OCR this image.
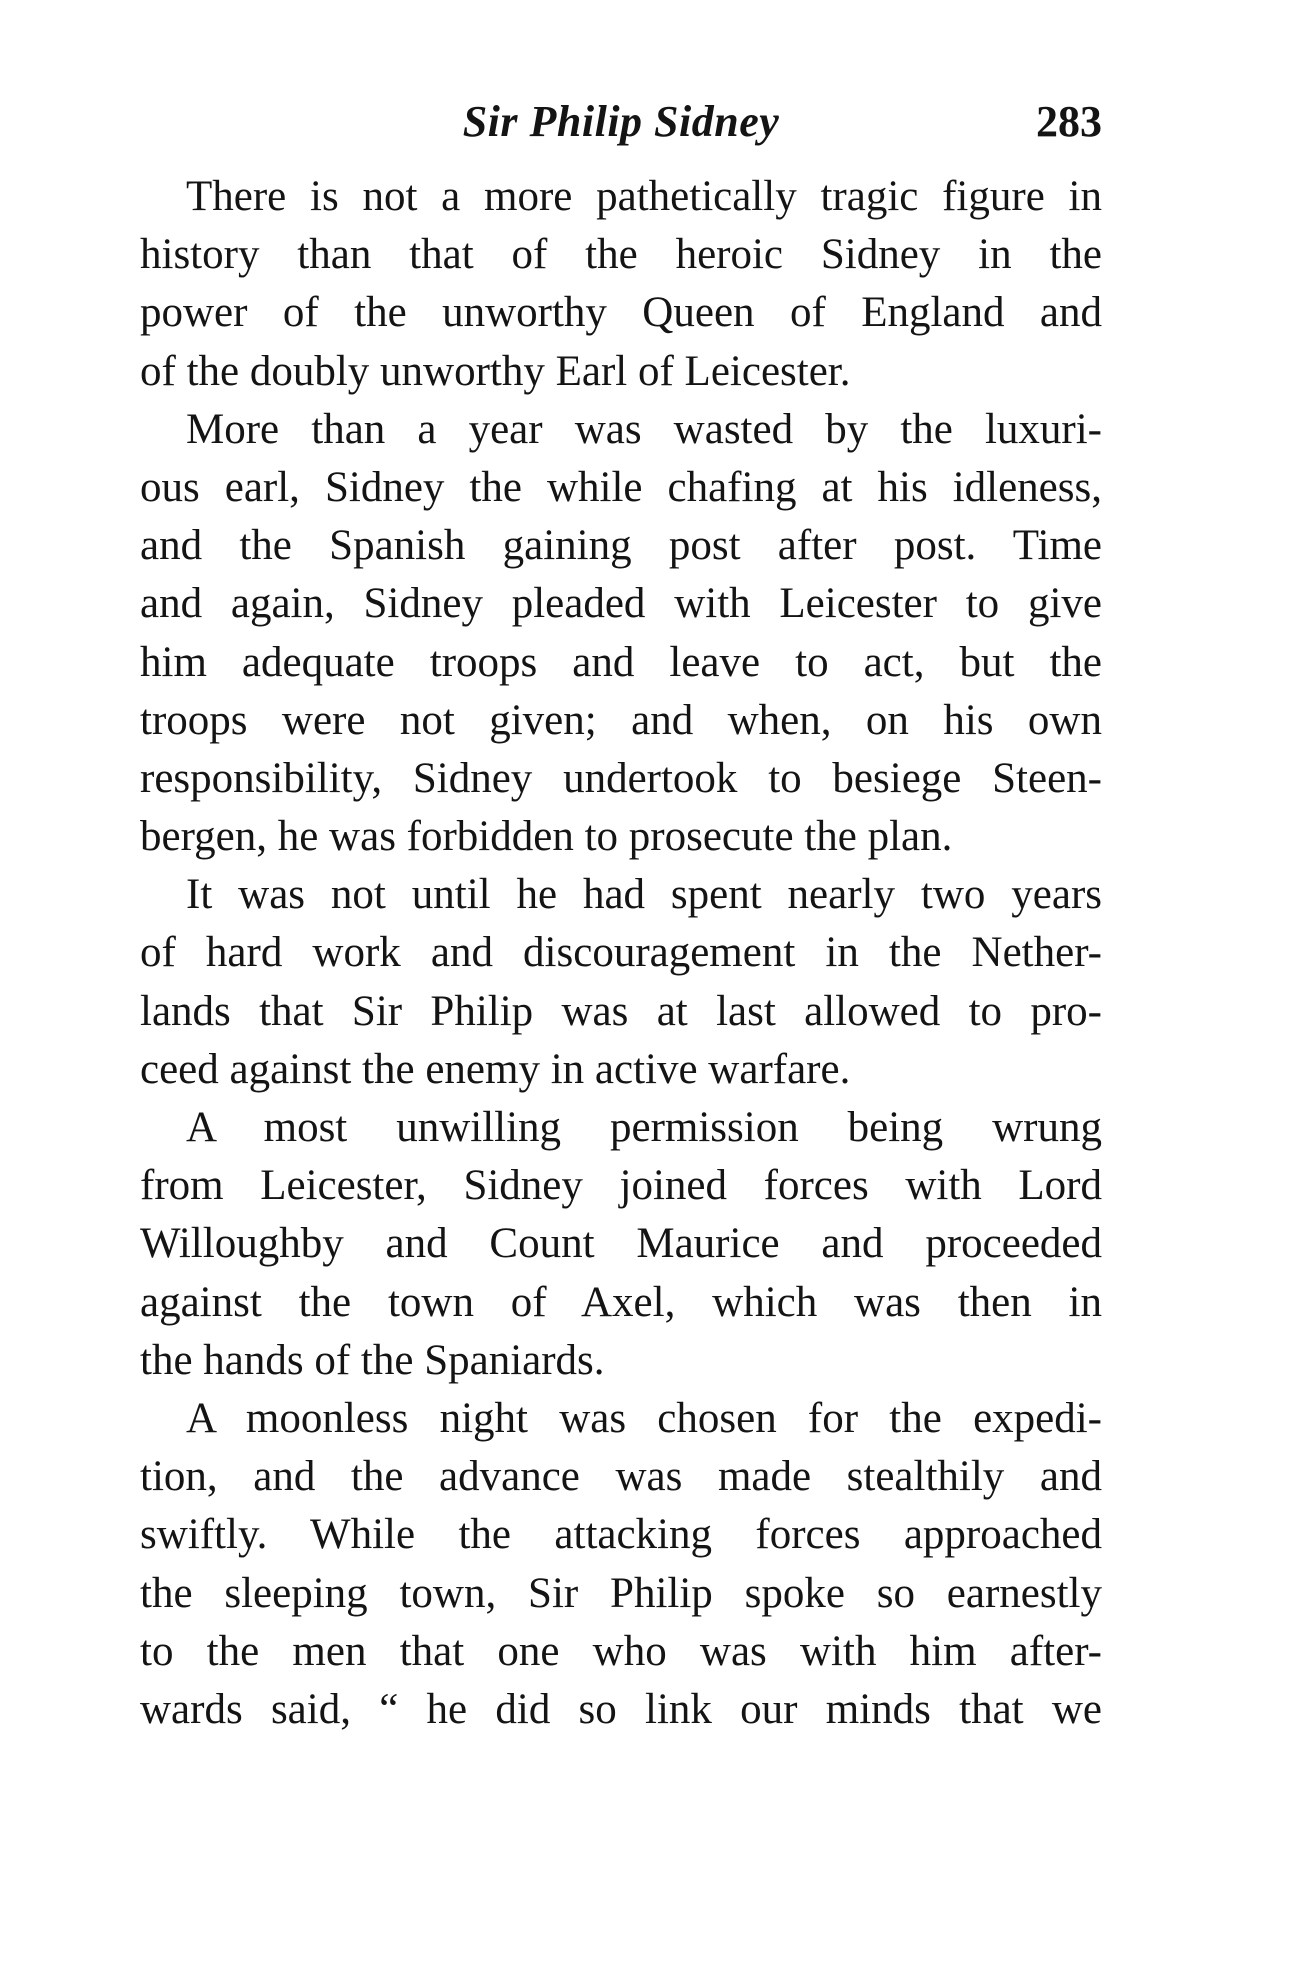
Sir Philip Sidney	283
There is not a more pathetically tragic figure in
history than that of the heroic Sidney in the
power of the unworthy Queen of England and
of the doubly unworthy Earl of Leicester.
More than a year was wasted by the luxuri-
ous earl, Sidney the while chafing at his idleness,
and the Spanish gaining post after post. Time
and again, Sidney pleaded with Leicester to give
him adequate troops and leave to act, but the
troops were not given; and when, on his own
responsibility, Sidney undertook to besiege Steen-
bergen, he was forbidden to prosecute the plan.
It was not until he had spent nearly two years
of hard work and discouragement in the Nether-
lands that Sir Philip was at last allowed to pro-
ceed against the enemy in active warfare.
A most unwilling permission being wrung
from Leicester, Sidney joined forces with Lord
Willoughby and Count Maurice and proceeded
against the town of Axel, which was then in
the hands of the Spaniards.
A moonless night was chosen for the expedi-
tion, and the advance was made stealthily and
swiftly. While the attacking forces approached
the sleeping town, Sir Philip spoke so earnestly
to the men that one who was with him after-
wards said, “ he did so link our minds that we
